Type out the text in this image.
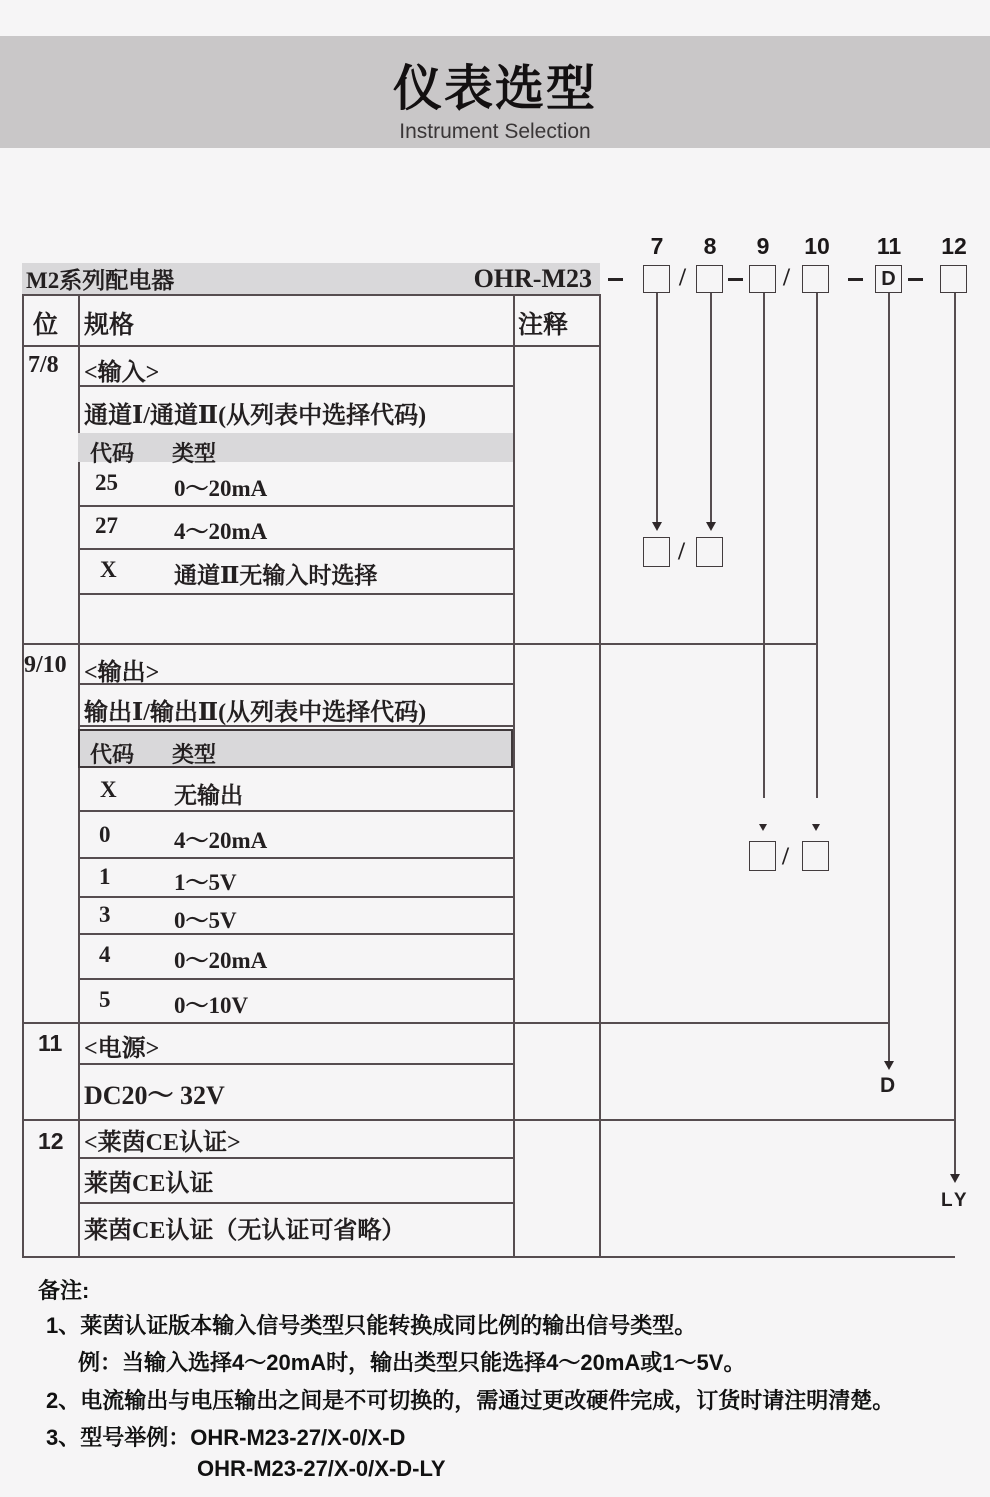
仪表选型
Instrument Selection
M2系列配电器	OHR-M23
7	8	9	10 11 12
/	/	D
位 规格	注释
7/8 <输入>
通道Ⅰ/通道Ⅱ(从列表中选择代码)
代码 类型
25 0～20mA
27 4～20mA
X 通道Ⅱ无输入时选择
9/10 <输出>
输出Ⅰ/输出Ⅱ(从列表中选择代码)
代码 类型
X 无输出
0	4～20mA
1	1～5V
3	0～5V
4	0～20mA
5	0～10V
11 <电源>
DC20～ 32V
12 <莱茵CE认证>
莱茵CE认证
莱茵CE认证（无认证可省略）
/
/
D
LY
备注:
1、莱茵认证版本输入信号类型只能转换成同比例的输出信号类型。
例：当输入选择4～20mA时，输出类型只能选择4～20mA或1～5V。
2、电流输出与电压输出之间是不可切换的，需通过更改硬件完成，订货时请注明清楚。
3、型号举例：OHR-M23-27/X-0/X-D
OHR-M23-27/X-0/X-D-LY
